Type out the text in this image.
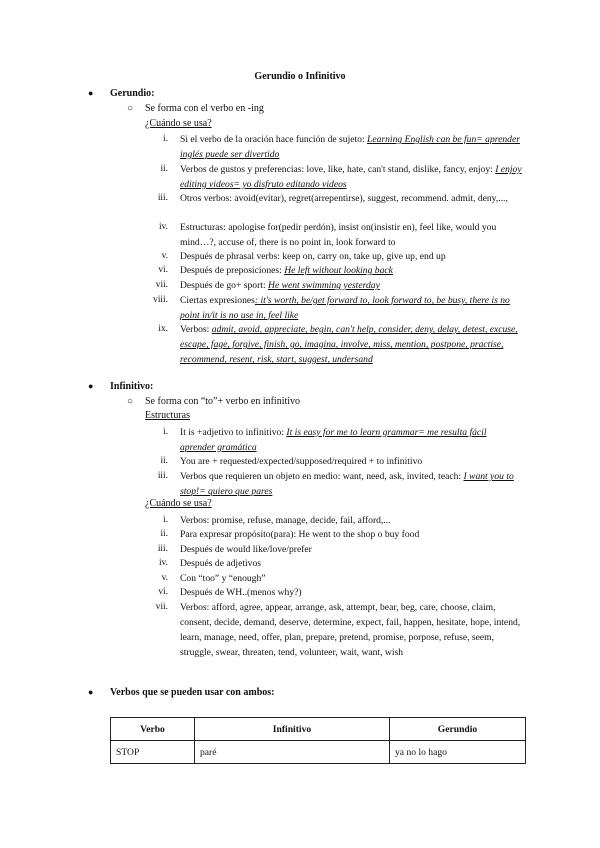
Gerundio o Infinitivo
● Gerundio:
○ Se forma con el verbo en -ing
¿Cuándo se usa?
i. Si el verbo de la oración hace función de sujeto: Learning English can be fun= aprender inglés puede ser divertido
ii. Verbos de gustos y preferencias: love, like, hate, can't stand, dislike, fancy, enjoy: I enjoy editing videos= yo disfruto editando videos
iii. Otros verbos: avoid(evitar), regret(arrepentirse), suggest, recommend. admit, deny,...,
iv. Estructuras: apologise for(pedir perdón), insist on(insistir en), feel like, would you mind…?, accuse of, there is no point in, look forward to
v. Después de phrasal verbs: keep on, carry on, take up, give up, end up
vi. Después de preposiciones: He left without looking back
vii. Después de go+ sport: He went swimming yesterday
viii. Ciertas expresiones: it's worth, be/get forward to, look forward to, be busy, there is no point in/it is no use in, feel like
ix. Verbos: admit, avoid, appreciate, begin, can't help, consider, deny, delay, detest, excuse, escape, fage, forgive, finish, go, imagina, involve, miss, mention, postpone, practise, recommend, resent, risk, start, suggest, undersand
● Infinitivo:
○ Se forma con “to”+ verbo en infinitivo
Estructuras
i. It is +adjetivo to infinitivo: It is easy for me to learn grammar= me resulta fácil aprender gramática
ii. You are + requested/expected/supposed/required + to infinitivo
iii. Verbos que requieren un objeto en medio: want, need, ask, invited, teach: I want you to stop!= quiero que pares
¿Cuándo se usa?
i. Verbos: promise, refuse, manage, decide, fail, afford,...
ii. Para expresar propósito(para): He went to the shop o buy food
iii. Después de would like/love/prefer
iv. Después de adjetivos
v. Con “too” y “enough”
vi. Después de WH..(menos why?)
vii. Verbos: afford, agree, appear, arrange, ask, attempt, bear, beg, care, choose, claim, consent, decide, demand, deserve, determine, expect, fail, happen, hesitate, hope, intend, learn, manage, need, offer, plan, prepare, pretend, promise, porpose, refuse, seem, struggle, swear, threaten, tend, volunteer, wait, want, wish
● Verbos que se pueden usar con ambos:
Verbo	Infinitivo	Gerundio
STOP	paré	ya no lo hago
